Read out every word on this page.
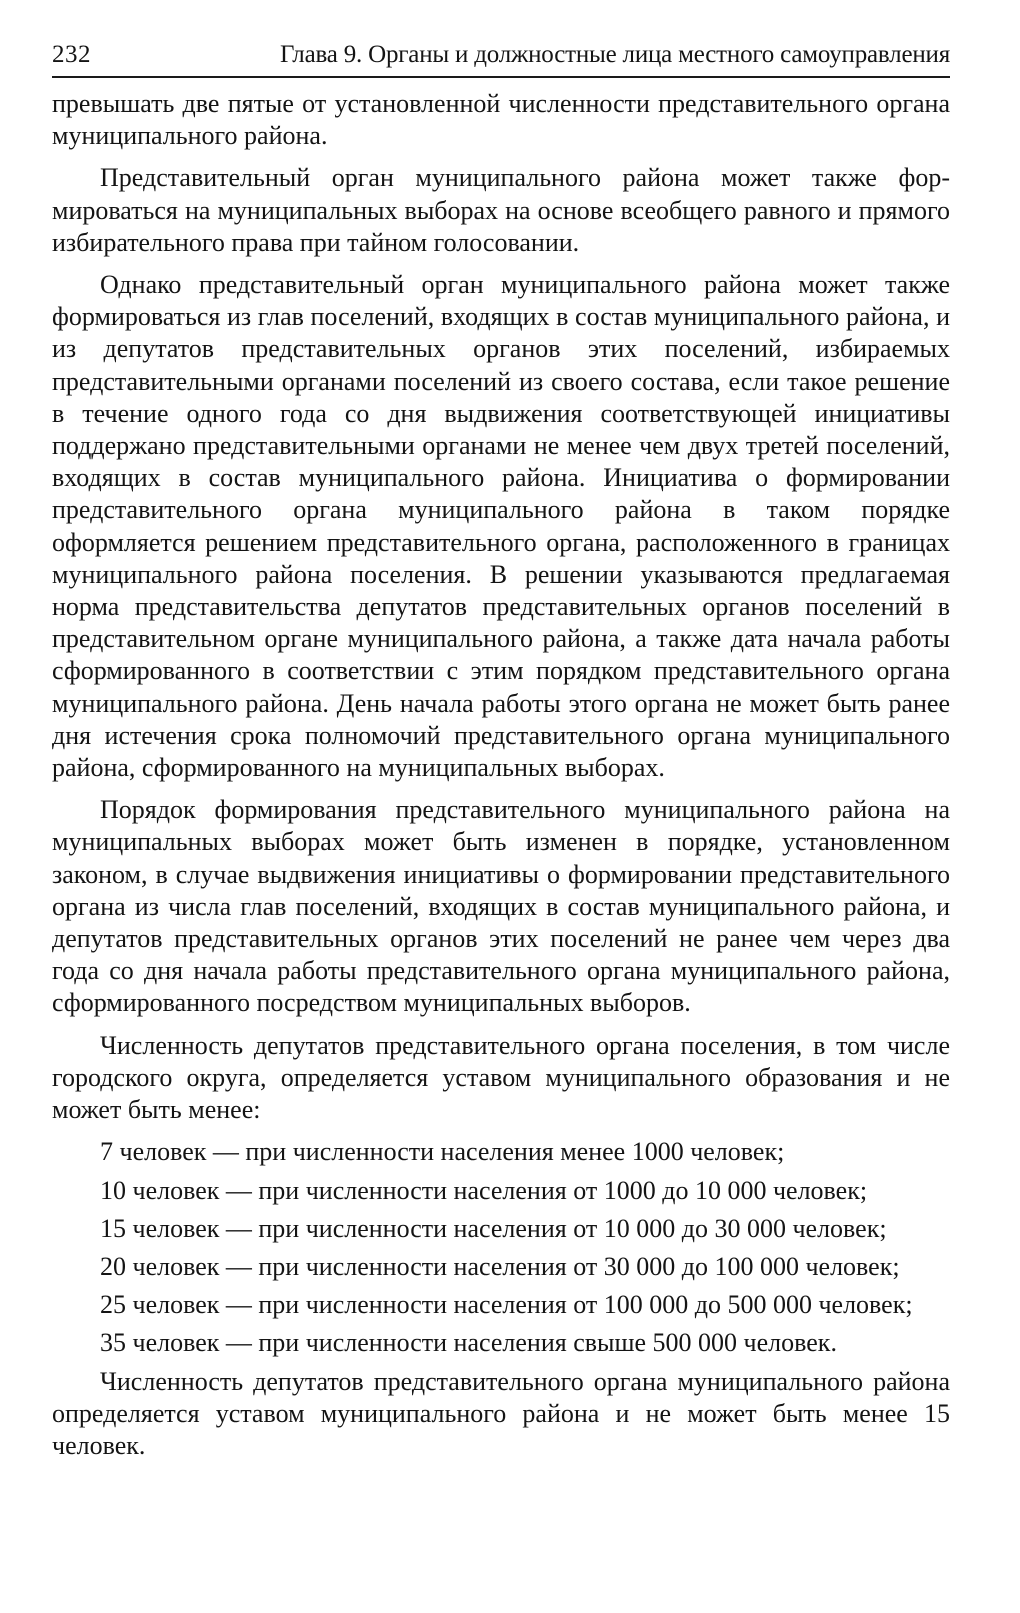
232	Глава 9. Органы и должностные лица местного самоуправления

превышать две пятые от установленной численности представительного органа муниципального района.

Представительный орган муниципального района может также формироваться на муниципальных выборах на основе всеобщего равного и прямого избирательного права при тайном голосовании.

Однако представительный орган муниципального района может также формироваться из глав поселений, входящих в состав муниципального района, и из депутатов представительных органов этих поселений, избираемых представительными органами поселений из своего состава, если такое решение в течение одного года со дня выдвижения соответствующей инициативы поддержано представительными органами не менее чем двух третей поселений, входящих в состав муниципального района. Инициатива о формировании представительного органа муниципального района в таком порядке оформляется решением представительного органа, расположенного в границах муниципального района поселения. В решении указываются предлагаемая норма представительства депутатов представительных органов поселений в представительном органе муниципального района, а также дата начала работы сформированного в соответствии с этим порядком представительного органа муниципального района. День начала работы этого органа не может быть ранее дня истечения срока полномочий представительного органа муниципального района, сформированного на муниципальных выборах.

Порядок формирования представительного муниципального района на муниципальных выборах может быть изменен в порядке, установленном законом, в случае выдвижения инициативы о формировании представительного органа из числа глав поселений, входящих в состав муниципального района, и депутатов представительных органов этих поселений не ранее чем через два года со дня начала работы представительного органа муниципального района, сформированного посредством муниципальных выборов.

Численность депутатов представительного органа поселения, в том числе городского округа, определяется уставом муниципального образования и не может быть менее:

7 человек — при численности населения менее 1000 человек;
10 человек — при численности населения от 1000 до 10 000 человек;
15 человек — при численности населения от 10 000 до 30 000 человек;
20 человек — при численности населения от 30 000 до 100 000 человек;
25 человек — при численности населения от 100 000 до 500 000 человек;
35 человек — при численности населения свыше 500 000 человек.

Численность депутатов представительного органа муниципального района определяется уставом муниципального района и не может быть менее 15 человек.
